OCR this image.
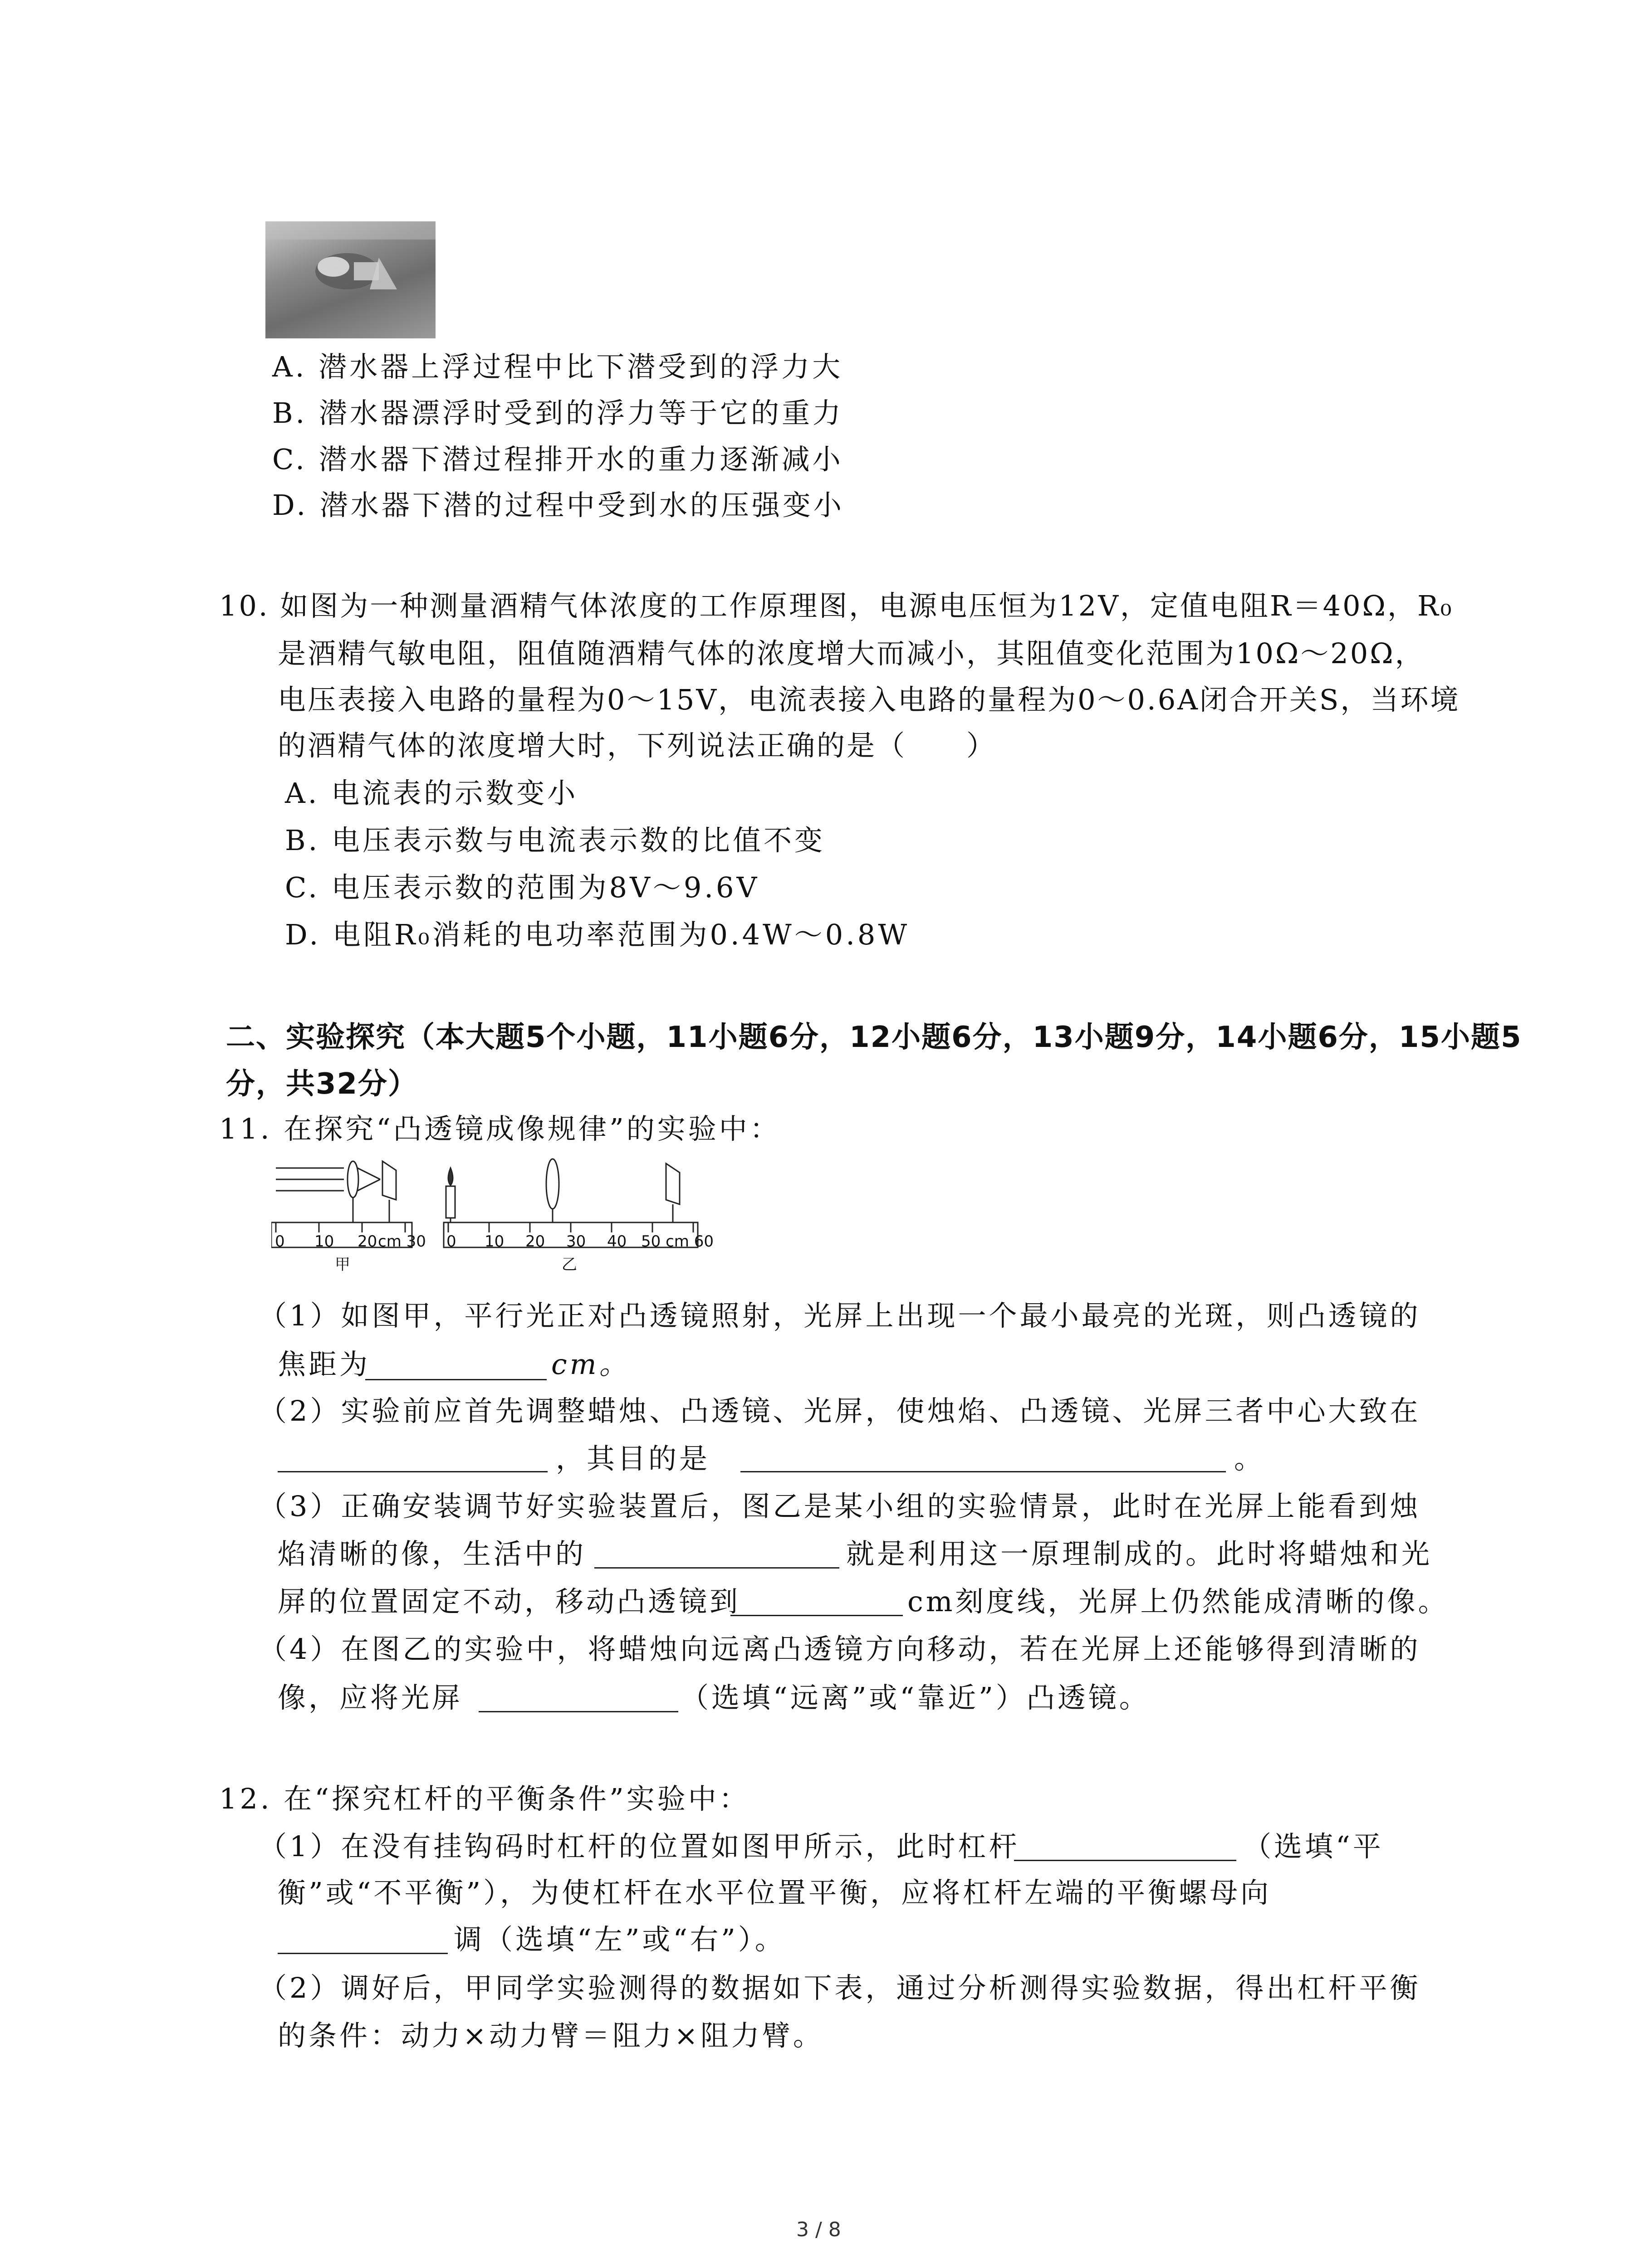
A. 潜水器上浮过程中比下潜受到的浮力大
B. 潜水器漂浮时受到的浮力等于它的重力
C. 潜水器下潜过程排开水的重力逐渐减小
D. 潜水器下潜的过程中受到水的压强变小
10. 如图为一种测量酒精气体浓度的工作原理图，电源电压恒为12V，定值电阻R＝40Ω，R₀
是酒精气敏电阻，阻值随酒精气体的浓度增大而减小，其阻值变化范围为10Ω～20Ω，
电压表接入电路的量程为0～15V，电流表接入电路的量程为0～0.6A闭合开关S，当环境
的酒精气体的浓度增大时，下列说法正确的是（　　）
A. 电流表的示数变小
B. 电压表示数与电流表示数的比值不变
C. 电压表示数的范围为8V～9.6V
D. 电阻R₀消耗的电功率范围为0.4W～0.8W
二、实验探究（本大题5个小题，11小题6分，12小题6分，13小题9分，14小题6分，15小题5
分，共32分）
11. 在探究“凸透镜成像规律”的实验中：
0 10 20 cm 30
甲
0 10 20 30 40 50 cm 60
乙
（1）如图甲，平行光正对凸透镜照射，光屏上出现一个最小最亮的光斑，则凸透镜的
焦距为	cm。
（2）实验前应首先调整蜡烛、凸透镜、光屏，使烛焰、凸透镜、光屏三者中心大致在
，其目的是	。
（3）正确安装调节好实验装置后，图乙是某小组的实验情景，此时在光屏上能看到烛
焰清晰的像，生活中的	就是利用这一原理制成的。此时将蜡烛和光
屏的位置固定不动，移动凸透镜到	cm刻度线，光屏上仍然能成清晰的像。
（4）在图乙的实验中，将蜡烛向远离凸透镜方向移动，若在光屏上还能够得到清晰的
像，应将光屏	（选填“远离”或“靠近”）凸透镜。
12. 在“探究杠杆的平衡条件”实验中：
（1）在没有挂钩码时杠杆的位置如图甲所示，此时杠杆	（选填“平
衡”或“不平衡”），为使杠杆在水平位置平衡，应将杠杆左端的平衡螺母向
调（选填“左”或“右”）。
（2）调好后，甲同学实验测得的数据如下表，通过分析测得实验数据，得出杠杆平衡
的条件：动力×动力臂＝阻力×阻力臂。
3 / 8
